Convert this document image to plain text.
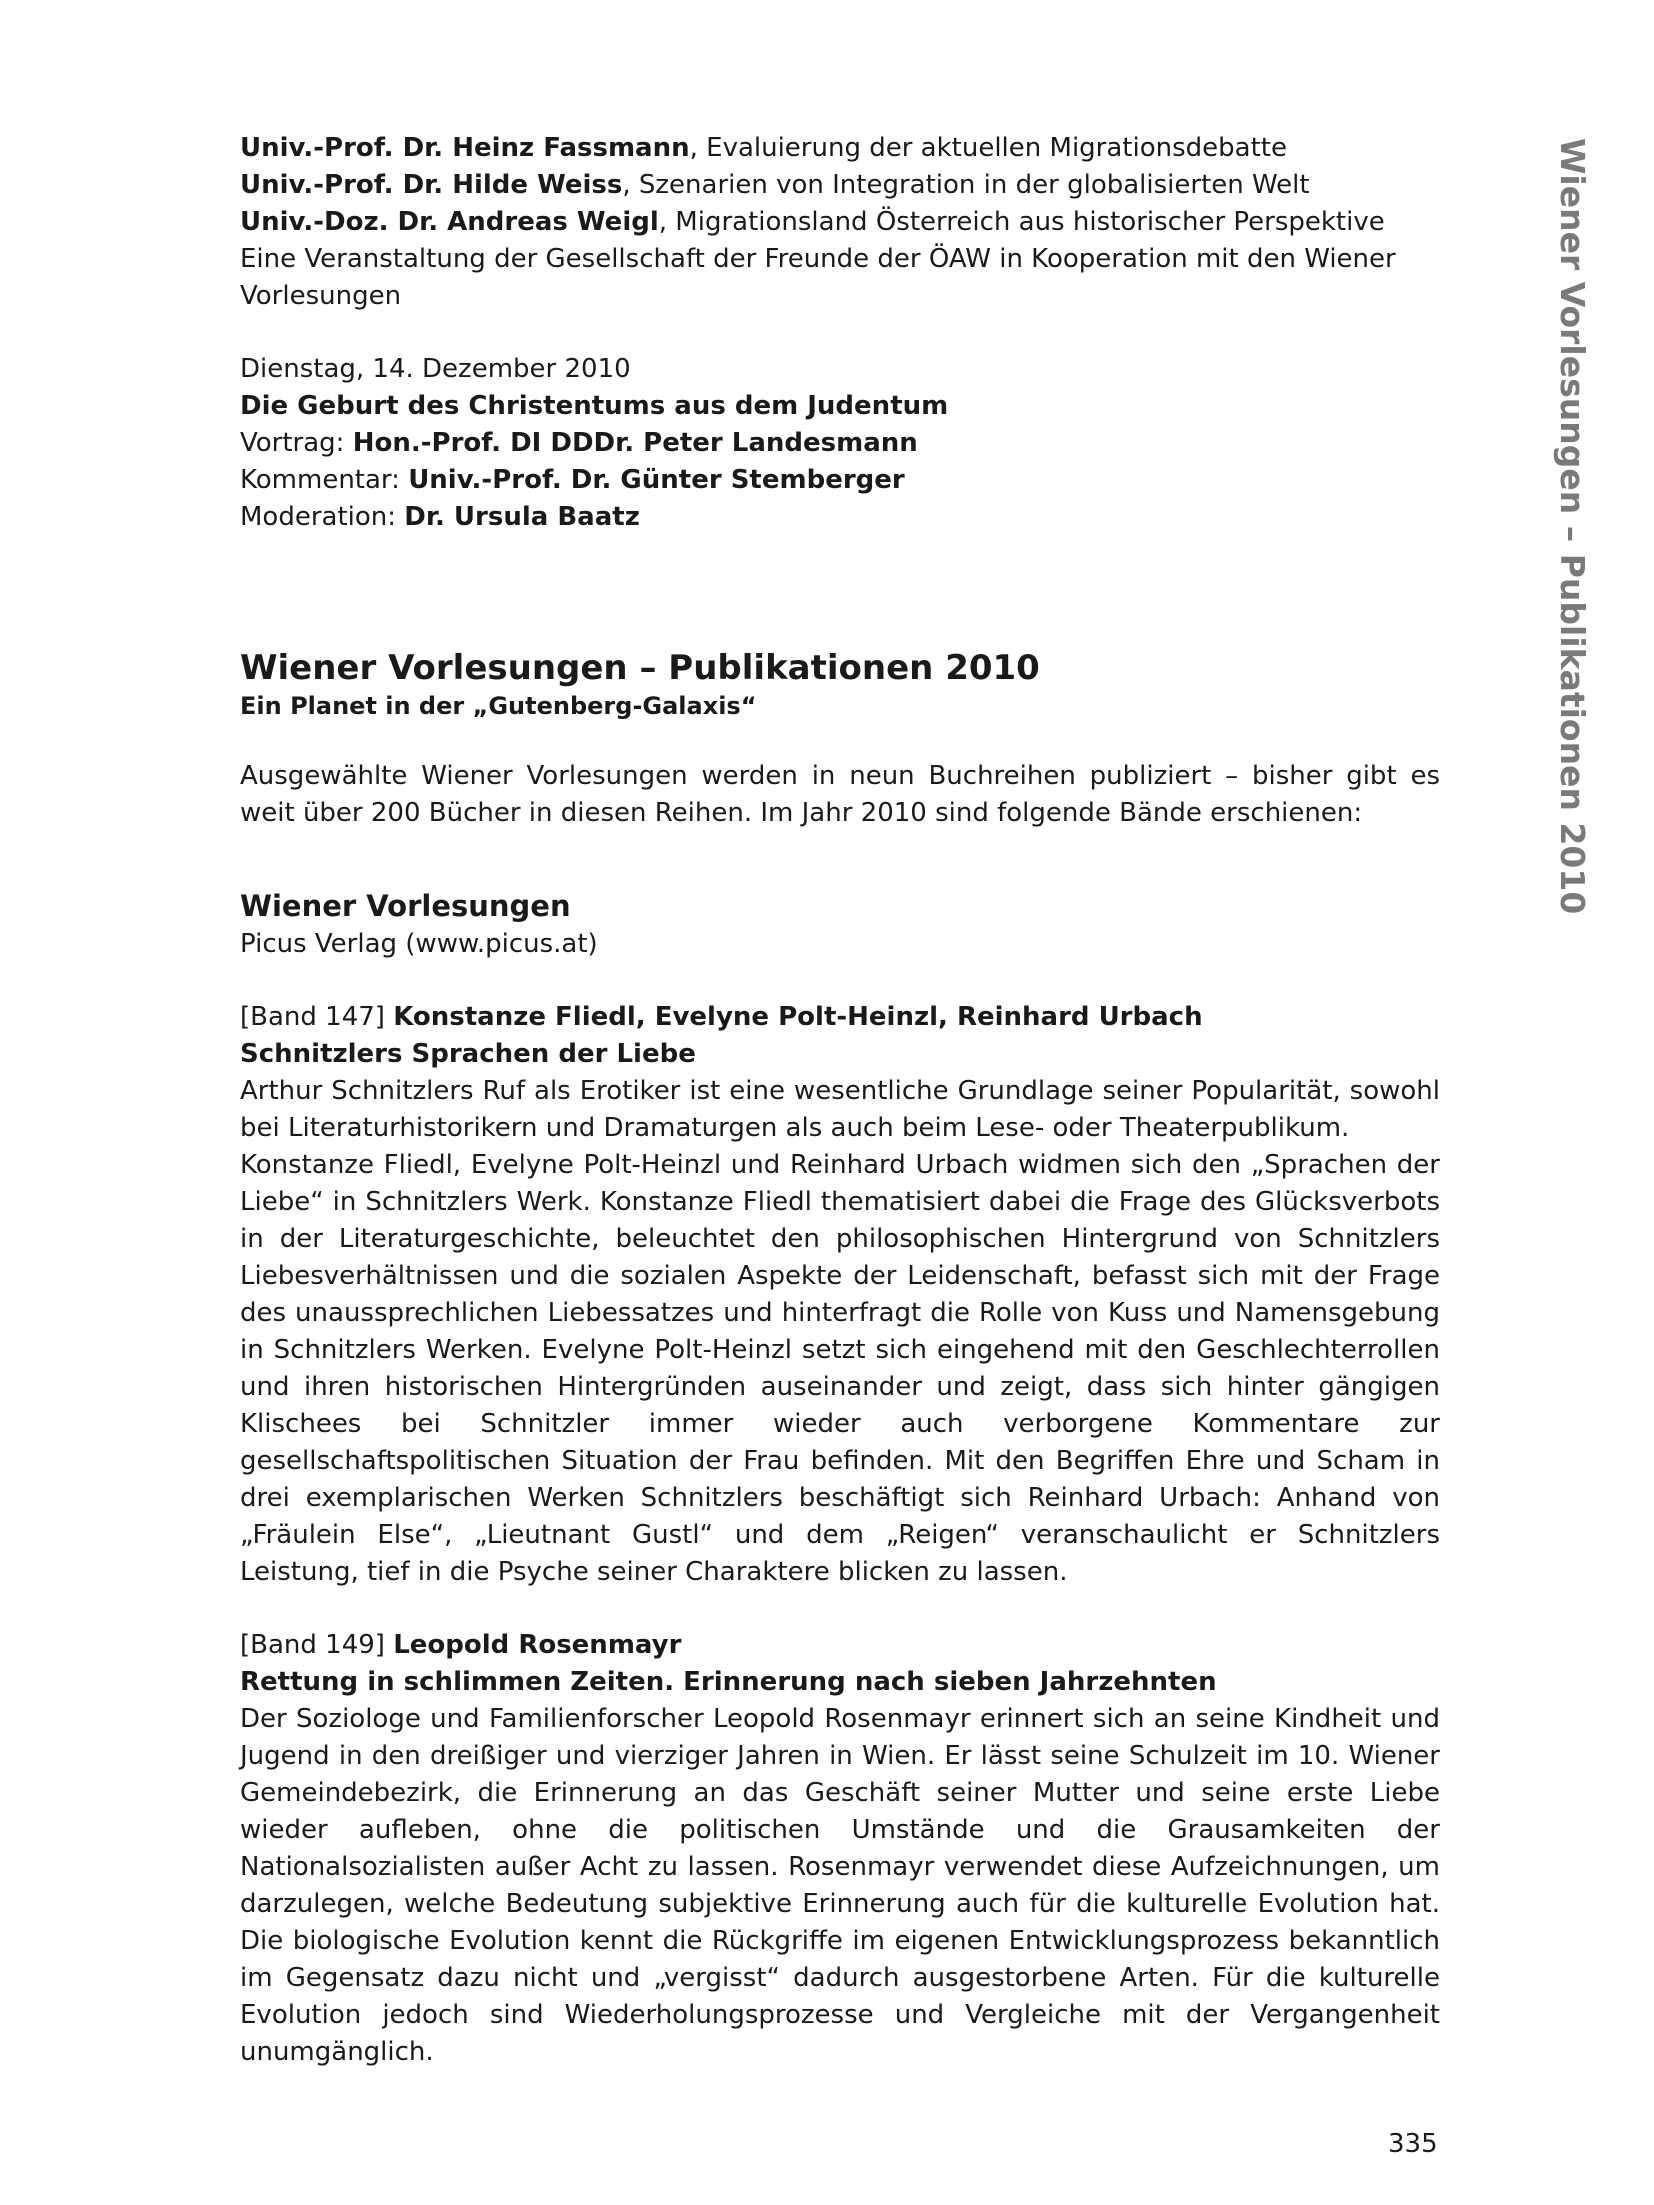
Wiener Vorlesungen – Publikationen 2010

Univ.-Prof. Dr. Heinz Fassmann, Evaluierung der aktuellen Migrationsdebatte

Univ.-Prof. Dr. Hilde Weiss, Szenarien von Integration in der globalisierten Welt

Univ.-Doz. Dr. Andreas Weigl, Migrationsland Österreich aus historischer Perspektive

Eine Veranstaltung der Gesellschaft der Freunde der ÖAW in Kooperation mit den Wiener

Vorlesungen

Dienstag, 14. Dezember 2010

Die Geburt des Christentums aus dem Judentum

Vortrag: Hon.-Prof. DI DDDr. Peter Landesmann

Kommentar: Univ.-Prof. Dr. Günter Stemberger

Moderation: Dr. Ursula Baatz

Wiener Vorlesungen – Publikationen 2010

Ein Planet in der „Gutenberg-Galaxis“

Ausgewählte Wiener Vorlesungen werden in neun Buchreihen publiziert – bisher gibt es weit über 200 Bücher in diesen Reihen. Im Jahr 2010 sind folgende Bände erschienen:

Wiener Vorlesungen

Picus Verlag (www.picus.at)

[Band 147] Konstanze Fliedl, Evelyne Polt-Heinzl, Reinhard Urbach

Schnitzlers Sprachen der Liebe

Arthur Schnitzlers Ruf als Erotiker ist eine wesentliche Grundlage seiner Popularität, sowohl bei Literaturhistorikern und Dramaturgen als auch beim Lese- oder Theaterpublikum.

Konstanze Fliedl, Evelyne Polt-Heinzl und Reinhard Urbach widmen sich den „Sprachen der Liebe“ in Schnitzlers Werk. Konstanze Fliedl thematisiert dabei die Frage des Glücksverbots in der Literaturgeschichte, beleuchtet den philosophischen Hintergrund von Schnitzlers Liebesverhältnissen und die sozialen Aspekte der Leidenschaft, befasst sich mit der Frage des unaussprechlichen Liebessatzes und hinterfragt die Rolle von Kuss und Namensgebung in Schnitzlers Werken. Evelyne Polt-Heinzl setzt sich eingehend mit den Geschlechterrollen und ihren historischen Hintergründen auseinander und zeigt, dass sich hinter gängigen Klischees bei Schnitzler immer wieder auch verborgene Kommentare zur gesellschaftspolitischen Situation der Frau befinden. Mit den Begriffen Ehre und Scham in drei exemplarischen Werken Schnitzlers beschäftigt sich Reinhard Urbach: Anhand von „Fräulein Else“, „Lieutnant Gustl“ und dem „Reigen“ veranschaulicht er Schnitzlers Leistung, tief in die Psyche seiner Charaktere blicken zu lassen.

[Band 149] Leopold Rosenmayr

Rettung in schlimmen Zeiten. Erinnerung nach sieben Jahrzehnten

Der Soziologe und Familienforscher Leopold Rosenmayr erinnert sich an seine Kindheit und Jugend in den dreißiger und vierziger Jahren in Wien. Er lässt seine Schulzeit im 10. Wiener Gemeindebezirk, die Erinnerung an das Geschäft seiner Mutter und seine erste Liebe wieder aufleben, ohne die politischen Umstände und die Grausamkeiten der Nationalsozialisten außer Acht zu lassen. Rosenmayr verwendet diese Aufzeichnungen, um darzulegen, welche Bedeutung subjektive Erinnerung auch für die kulturelle Evolution hat. Die biologische Evolution kennt die Rückgriffe im eigenen Entwicklungsprozess bekanntlich im Gegensatz dazu nicht und „vergisst“ dadurch ausgestorbene Arten. Für die kulturelle Evolution jedoch sind Wiederholungsprozesse und Vergleiche mit der Vergangenheit unumgänglich.

335
